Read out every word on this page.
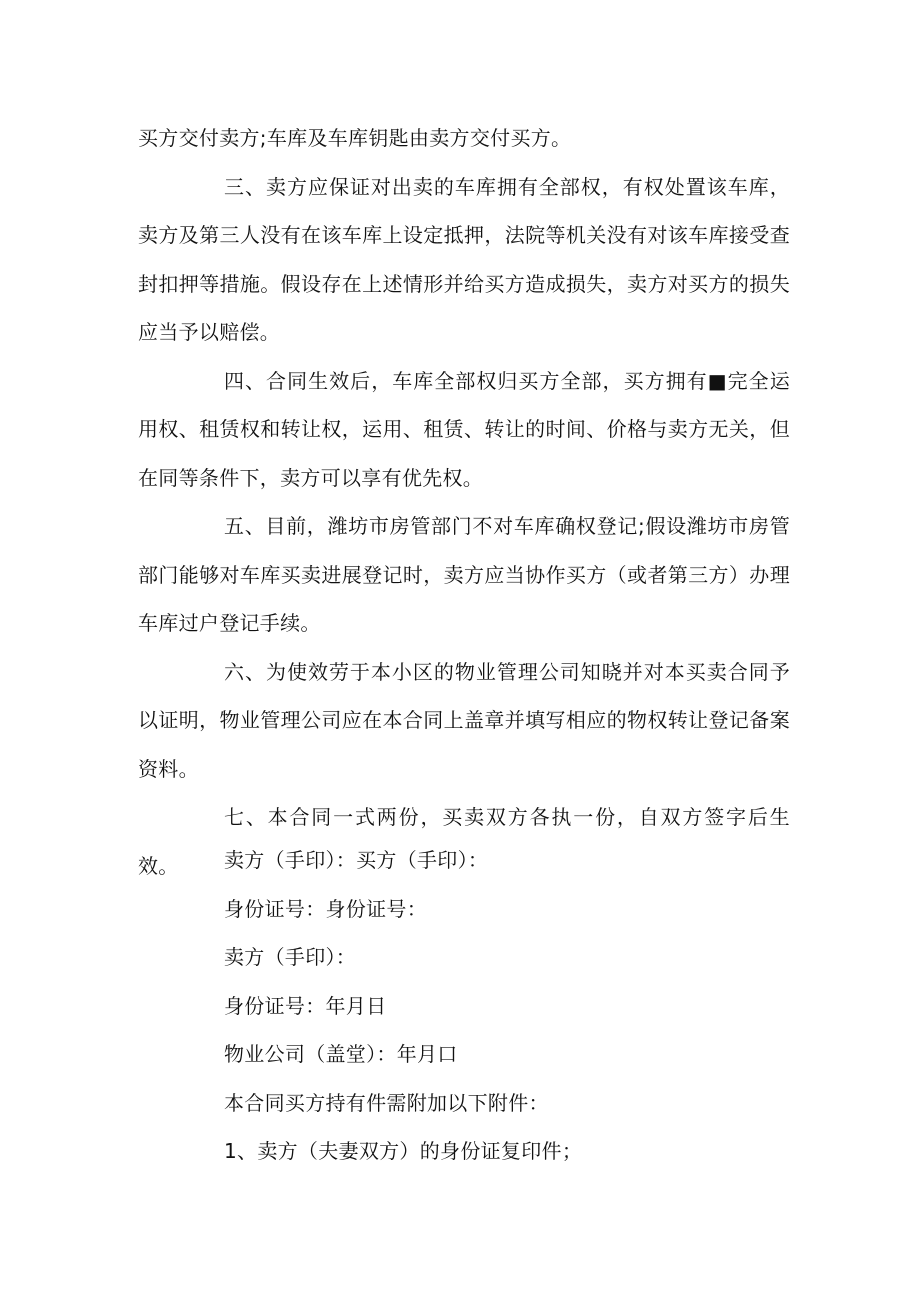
买方交付卖方;车库及车库钥匙由卖方交付买方。

三、卖方应保证对出卖的车库拥有全部权，有权处置该车库，卖方及第三人没有在该车库上设定抵押，法院等机关没有对该车库接受查封扣押等措施。假设存在上述情形并给买方造成损失，卖方对买方的损失应当予以赔偿。

四、合同生效后，车库全部权归买方全部，买方拥有■完全运用权、租赁权和转让权，运用、租赁、转让的时间、价格与卖方无关，但在同等条件下，卖方可以享有优先权。

五、目前，潍坊市房管部门不对车库确权登记;假设潍坊市房管部门能够对车库买卖进展登记时，卖方应当协作买方（或者第三方）办理车库过户登记手续。

六、为使效劳于本小区的物业管理公司知晓并对本买卖合同予以证明，物业管理公司应在本合同上盖章并填写相应的物权转让登记备案资料。

七、本合同一式两份，买卖双方各执一份，自双方签字后生效。	卖方（手印）：买方（手印）：

身份证号：身份证号：

卖方（手印）：

身份证号：年月日

物业公司（盖堂）：年月口

本合同买方持有件需附加以下附件：

1、卖方（夫妻双方）的身份证复印件；
